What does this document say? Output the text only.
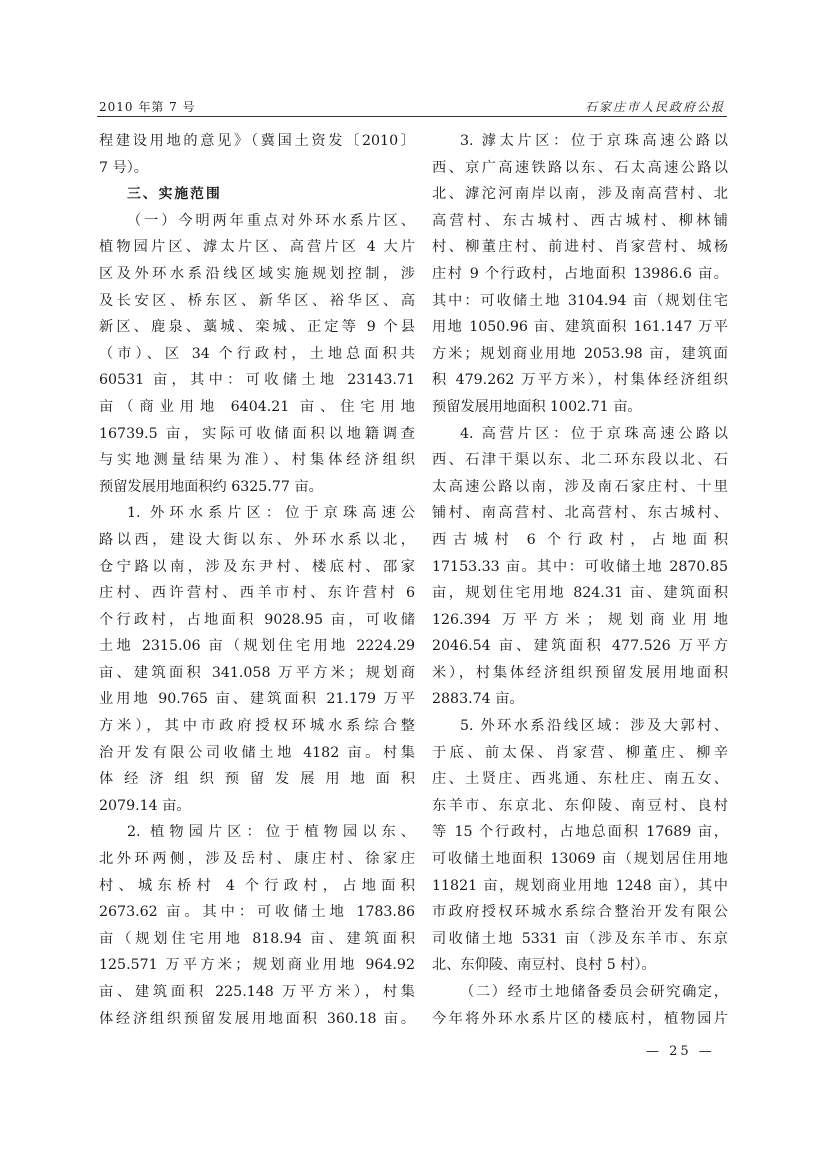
2010 年第 7 号	石家庄市人民政府公报
程建设用地的意见》（冀国土资发〔2010〕
7 号）。
三、实施范围
（一）今明两年重点对外环水系片区、
植物园片区、滹太片区、高营片区 4 大片
区及外环水系沿线区域实施规划控制，涉
及长安区、桥东区、新华区、裕华区、高
新区、鹿泉、藁城、栾城、正定等 9 个县
（市）、区 34 个行政村，土地总面积共
60531 亩，其中：可收储土地 23143.71
亩（商业用地 6404.21 亩、住宅用地
16739.5 亩，实际可收储面积以地籍调查
与实地测量结果为准）、村集体经济组织
预留发展用地面积约 6325.77 亩。
1. 外环水系片区：位于京珠高速公
路以西，建设大街以东、外环水系以北，
仓宁路以南，涉及东尹村、楼底村、邵家
庄村、西许营村、西羊市村、东许营村 6
个行政村，占地面积 9028.95 亩，可收储
土地 2315.06 亩（规划住宅用地 2224.29
亩、建筑面积 341.058 万平方米；规划商
业用地 90.765 亩、建筑面积 21.179 万平
方米），其中市政府授权环城水系综合整
治开发有限公司收储土地 4182 亩。村集
体经济组织预留发展用地面积
2079.14 亩。
2. 植物园片区：位于植物园以东、
北外环两侧，涉及岳村、康庄村、徐家庄
村、城东桥村 4 个行政村，占地面积
2673.62 亩。其中：可收储土地 1783.86
亩（规划住宅用地 818.94 亩、建筑面积
125.571 万平方米；规划商业用地 964.92
亩、建筑面积 225.148 万平方米），村集
体经济组织预留发展用地面积 360.18 亩。
3. 滹太片区：位于京珠高速公路以
西、京广高速铁路以东、石太高速公路以
北、滹沱河南岸以南，涉及南高营村、北
高营村、东古城村、西古城村、柳林铺
村、柳董庄村、前进村、肖家营村、城杨
庄村 9 个行政村，占地面积 13986.6 亩。
其中：可收储土地 3104.94 亩（规划住宅
用地 1050.96 亩、建筑面积 161.147 万平
方米；规划商业用地 2053.98 亩，建筑面
积 479.262 万平方米），村集体经济组织
预留发展用地面积 1002.71 亩。
4. 高营片区：位于京珠高速公路以
西、石津干渠以东、北二环东段以北、石
太高速公路以南，涉及南石家庄村、十里
铺村、南高营村、北高营村、东古城村、
西古城村 6 个行政村，占地面积
17153.33 亩。其中：可收储土地 2870.85
亩，规划住宅用地 824.31 亩、建筑面积
126.394 万平方米；规划商业用地
2046.54 亩、建筑面积 477.526 万平方
米），村集体经济组织预留发展用地面积
2883.74 亩。
5. 外环水系沿线区域：涉及大郭村、
于底、前太保、肖家营、柳董庄、柳辛
庄、土贤庄、西兆通、东杜庄、南五女、
东羊市、东京北、东仰陵、南豆村、良村
等 15 个行政村，占地总面积 17689 亩，
可收储土地面积 13069 亩（规划居住用地
11821 亩，规划商业用地 1248 亩），其中
市政府授权环城水系综合整治开发有限公
司收储土地 5331 亩（涉及东羊市、东京
北、东仰陵、南豆村、良村 5 村）。
（二）经市土地储备委员会研究确定，
今年将外环水系片区的楼底村，植物园片
— 25 —
